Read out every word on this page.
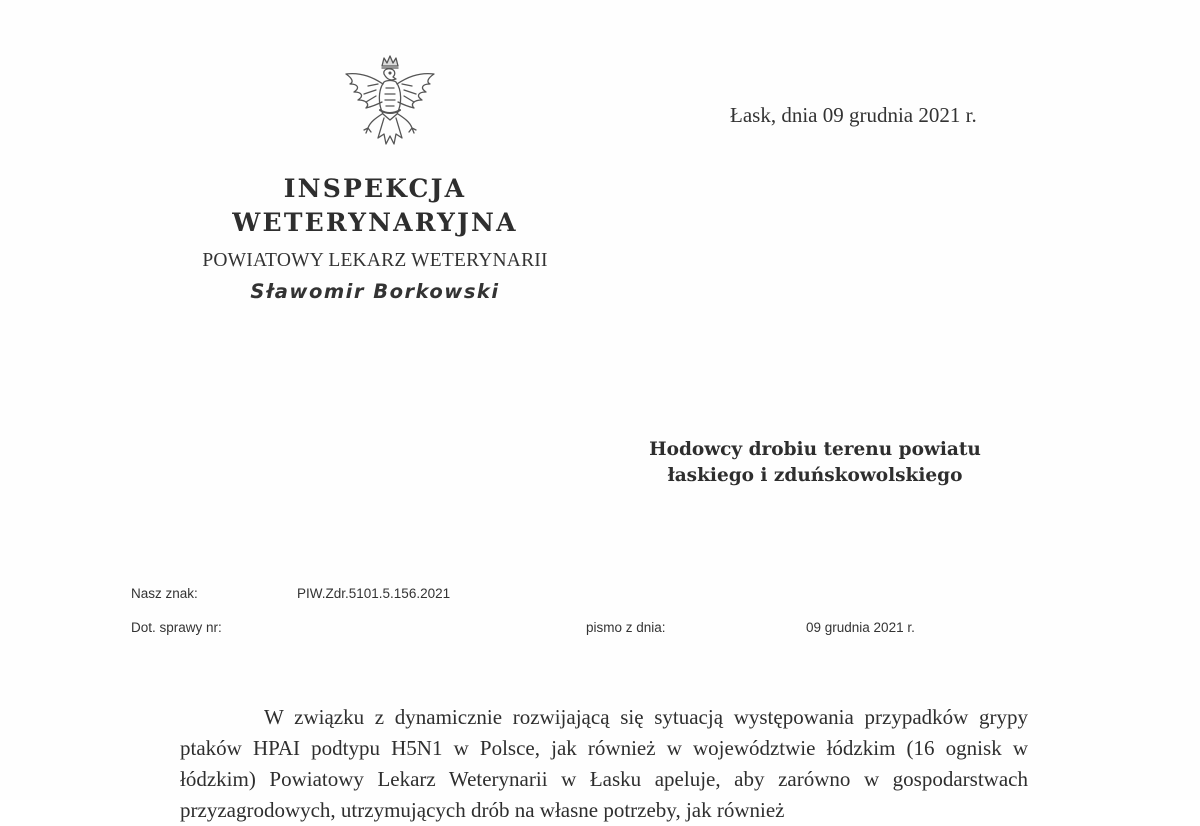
Łask, dnia 09 grudnia 2021 r.
INSPEKCJA
WETERYNARYJNA
POWIATOWY LEKARZ WETERYNARII
Sławomir Borkowski
Hodowcy drobiu terenu powiatu
łaskiego i zduńskowolskiego
Nasz znak:	PIW.Zdr.5101.5.156.2021
Dot. sprawy nr:	pismo z dnia:	09 grudnia 2021 r.

W związku z dynamicznie rozwijającą się sytuacją występowania przypadków grypy ptaków HPAI podtypu H5N1 w Polsce, jak również w województwie łódzkim (16 ognisk w łódzkim) Powiatowy Lekarz Weterynarii w Łasku apeluje, aby zarówno w gospodarstwach przyzagrodowych, utrzymujących drób na własne potrzeby, jak również
